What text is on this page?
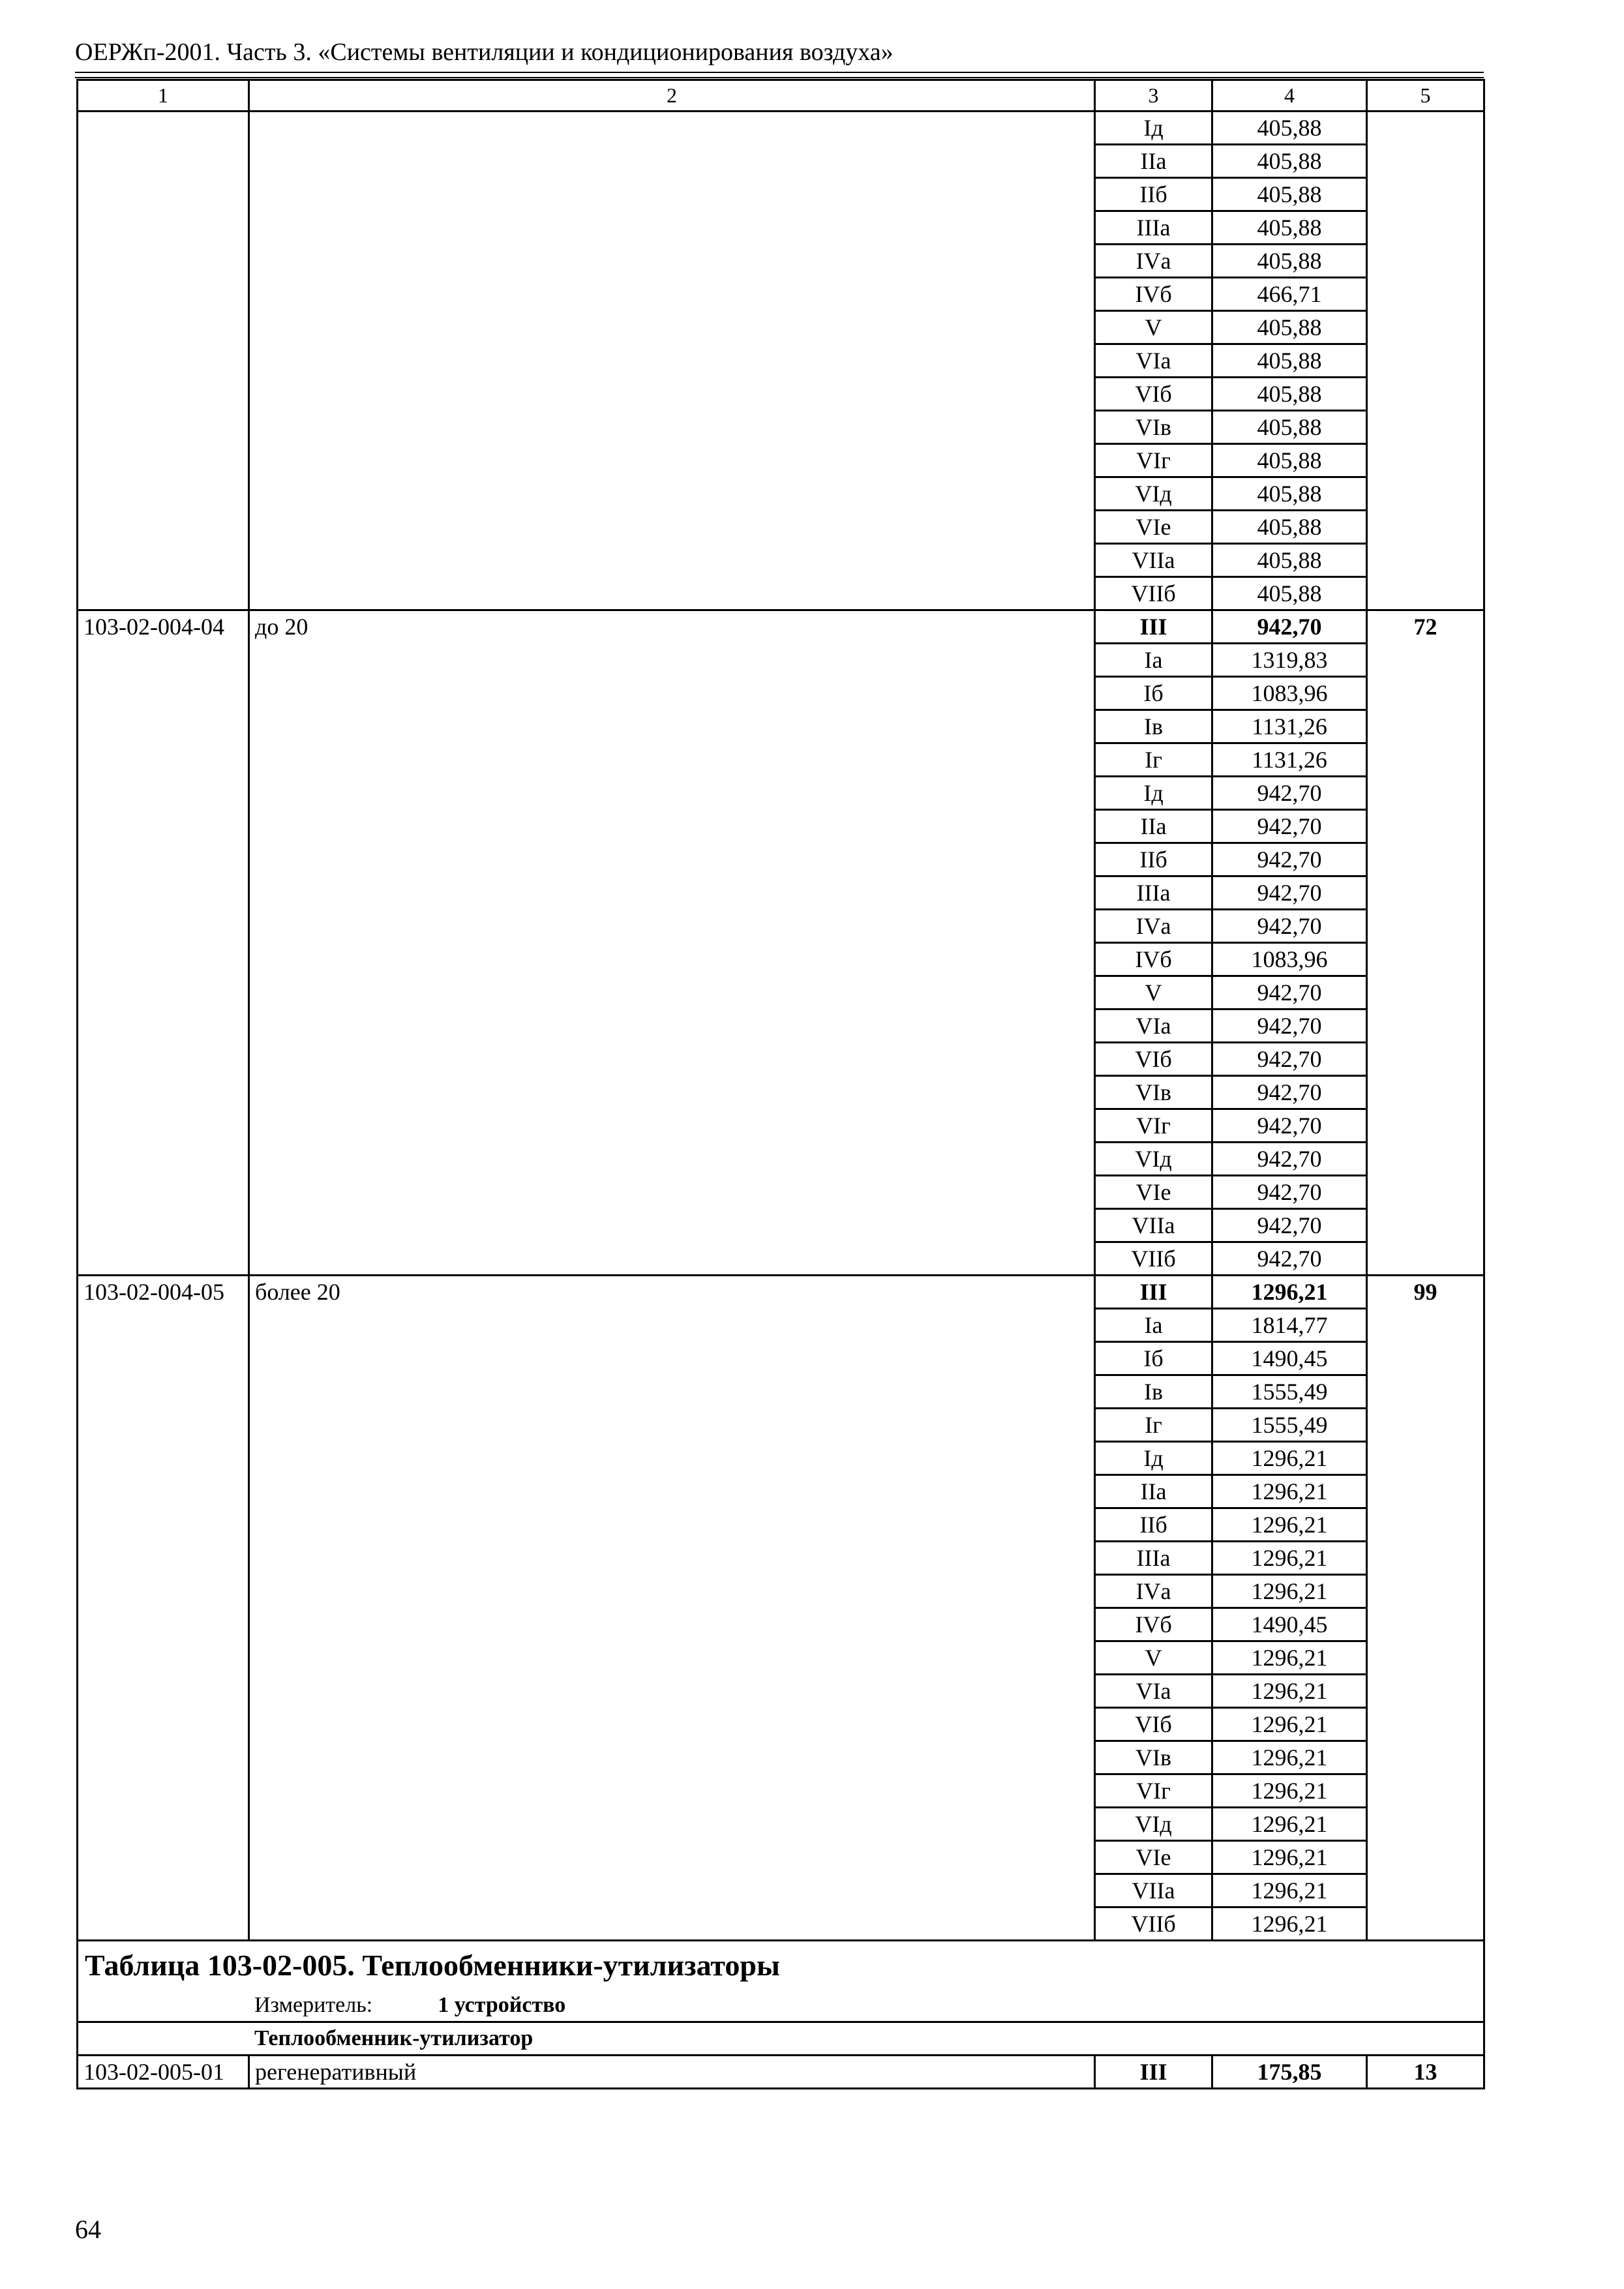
ОЕРЖп-2001. Часть 3. «Системы вентиляции и кондиционирования воздуха»
1	2	3	4	5
		Iд	405,88	
		IIа	405,88	
		IIб	405,88	
		IIIа	405,88	
		IVа	405,88	
		IVб	466,71	
		V	405,88	
		VIа	405,88	
		VIб	405,88	
		VIв	405,88	
		VIг	405,88	
		VIд	405,88	
		VIе	405,88	
		VIIа	405,88	
		VIIб	405,88	
103-02-004-04	до 20	III	942,70	72
		Iа	1319,83	
		Iб	1083,96	
		Iв	1131,26	
		Iг	1131,26	
		Iд	942,70	
		IIа	942,70	
		IIб	942,70	
		IIIа	942,70	
		IVа	942,70	
		IVб	1083,96	
		V	942,70	
		VIа	942,70	
		VIб	942,70	
		VIв	942,70	
		VIг	942,70	
		VIд	942,70	
		VIе	942,70	
		VIIа	942,70	
		VIIб	942,70	
103-02-004-05	более 20	III	1296,21	99
		Iа	1814,77	
		Iб	1490,45	
		Iв	1555,49	
		Iг	1555,49	
		Iд	1296,21	
		IIа	1296,21	
		IIб	1296,21	
		IIIа	1296,21	
		IVа	1296,21	
		IVб	1490,45	
		V	1296,21	
		VIа	1296,21	
		VIб	1296,21	
		VIв	1296,21	
		VIг	1296,21	
		VIд	1296,21	
		VIе	1296,21	
		VIIа	1296,21	
		VIIб	1296,21	
Таблица 103-02-005. Теплообменники-утилизаторы				
Измеритель: 1 устройство				
Теплообменник-утилизатор				
103-02-005-01	регенеративный	III	175,85	13
64
